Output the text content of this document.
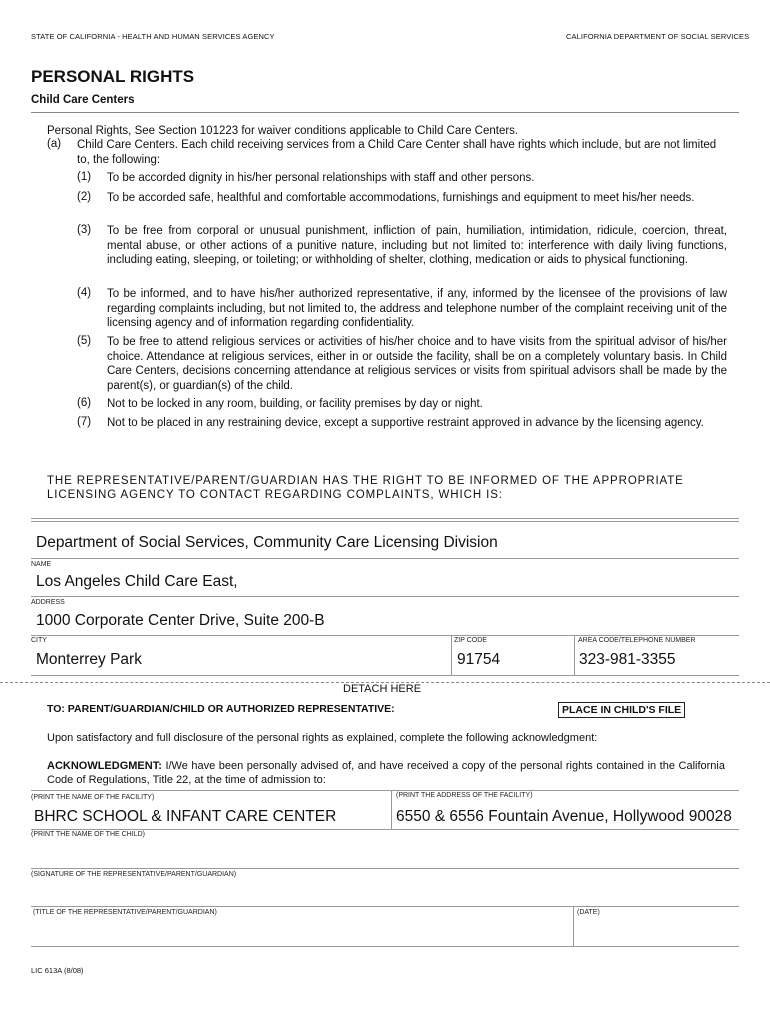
STATE OF CALIFORNIA - HEALTH AND HUMAN SERVICES AGENCY	CALIFORNIA DEPARTMENT OF SOCIAL SERVICES
PERSONAL RIGHTS
Child Care Centers
Personal Rights, See Section 101223 for waiver conditions applicable to Child Care Centers.
(a) Child Care Centers. Each child receiving services from a Child Care Center shall have rights which include, but are not limited to, the following:
(1) To be accorded dignity in his/her personal relationships with staff and other persons.
(2) To be accorded safe, healthful and comfortable accommodations, furnishings and equipment to meet his/her needs.
(3) To be free from corporal or unusual punishment, infliction of pain, humiliation, intimidation, ridicule, coercion, threat, mental abuse, or other actions of a punitive nature, including but not limited to: interference with daily living functions, including eating, sleeping, or toileting; or withholding of shelter, clothing, medication or aids to physical functioning.
(4) To be informed, and to have his/her authorized representative, if any, informed by the licensee of the provisions of law regarding complaints including, but not limited to, the address and telephone number of the complaint receiving unit of the licensing agency and of information regarding confidentiality.
(5) To be free to attend religious services or activities of his/her choice and to have visits from the spiritual advisor of his/her choice. Attendance at religious services, either in or outside the facility, shall be on a completely voluntary basis. In Child Care Centers, decisions concerning attendance at religious services or visits from spiritual advisors shall be made by the parent(s), or guardian(s) of the child.
(6) Not to be locked in any room, building, or facility premises by day or night.
(7) Not to be placed in any restraining device, except a supportive restraint approved in advance by the licensing agency.
THE REPRESENTATIVE/PARENT/GUARDIAN HAS THE RIGHT TO BE INFORMED OF THE APPROPRIATE LICENSING AGENCY TO CONTACT REGARDING COMPLAINTS, WHICH IS:
Department of Social Services, Community Care Licensing Division
NAME
Los Angeles Child Care East,
ADDRESS
1000 Corporate Center Drive, Suite 200-B
CITY	ZIP CODE	AREA CODE/TELEPHONE NUMBER
Monterrey Park	91754	323-981-3355
DETACH HERE
TO: PARENT/GUARDIAN/CHILD OR AUTHORIZED REPRESENTATIVE:	PLACE IN CHILD'S FILE
Upon satisfactory and full disclosure of the personal rights as explained, complete the following acknowledgment:
ACKNOWLEDGMENT: I/We have been personally advised of, and have received a copy of the personal rights contained in the California Code of Regulations, Title 22, at the time of admission to:
(PRINT THE NAME OF THE FACILITY)	(PRINT THE ADDRESS OF THE FACILITY)
BHRC SCHOOL & INFANT CARE CENTER	6550 & 6556 Fountain Avenue, Hollywood 90028
(PRINT THE NAME OF THE CHILD)
(SIGNATURE OF THE REPRESENTATIVE/PARENT/GUARDIAN)
(TITLE OF THE REPRESENTATIVE/PARENT/GUARDIAN)	(DATE)
LIC 613A (8/08)
